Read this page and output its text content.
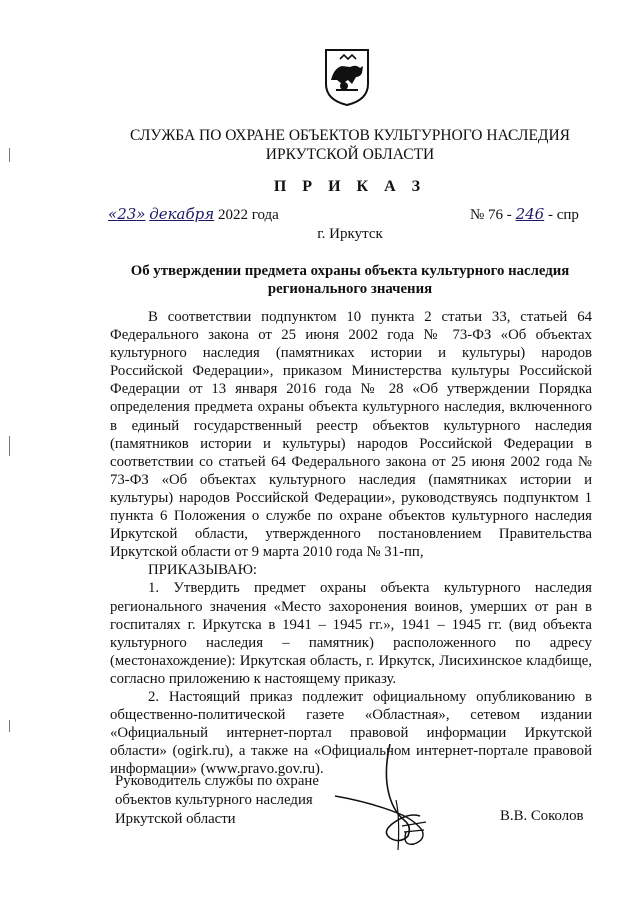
СЛУЖБА ПО ОХРАНЕ ОБЪЕКТОВ КУЛЬТУРНОГО НАСЛЕДИЯ
ИРКУТСКОЙ ОБЛАСТИ
П Р И К А З
«23» декабря 2022 года	№ 76 - 246 - спр
г. Иркутск
Об утверждении предмета охраны объекта культурного наследия регионального значения

В соответствии подпунктом 10 пункта 2 статьи 33, статьей 64 Федерального закона от 25 июня 2002 года № 73-ФЗ «Об объектах культурного наследия (памятниках истории и культуры) народов Российской Федерации», приказом Министерства культуры Российской Федерации от 13 января 2016 года № 28 «Об утверждении Порядка определения предмета охраны объекта культурного наследия, включенного в единый государственный реестр объектов культурного наследия (памятников истории и культуры) народов Российской Федерации в соответствии со статьей 64 Федерального закона от 25 июня 2002 года № 73-ФЗ «Об объектах культурного наследия (памятниках истории и культуры) народов Российской Федерации», руководствуясь подпунктом 1 пункта 6 Положения о службе по охране объектов культурного наследия Иркутской области, утвержденного постановлением Правительства Иркутской области от 9 марта 2010 года № 31-пп,

ПРИКАЗЫВАЮ:

1. Утвердить предмет охраны объекта культурного наследия регионального значения «Место захоронения воинов, умерших от ран в госпиталях г. Иркутска в 1941 – 1945 гг.», 1941 – 1945 гг. (вид объекта культурного наследия – памятник) расположенного по адресу (местонахождение): Иркутская область, г. Иркутск, Лисихинское кладбище, согласно приложению к настоящему приказу.

2. Настоящий приказ подлежит официальному опубликованию в общественно-политической газете «Областная», сетевом издании «Официальный интернет-портал правовой информации Иркутской области» (ogirk.ru), а также на «Официальном интернет-портале правовой информации» (www.pravo.gov.ru).

Руководитель службы по охране
объектов культурного наследия
Иркутской области	В.В. Соколов
